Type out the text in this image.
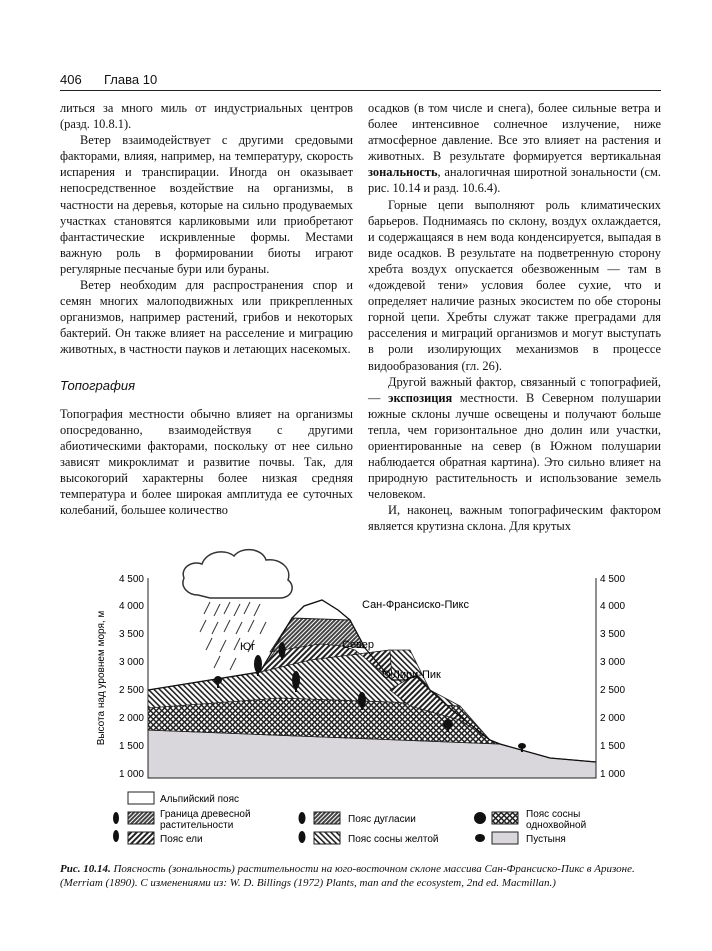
406 Глава 10

литься за много миль от индустриальных центров (разд. 10.8.1).

Ветер взаимодействует с другими средовыми факторами, влияя, например, на температуру, скорость испарения и транспирации. Иногда он оказывает непосредственное воздействие на организмы, в частности на деревья, которые на сильно продуваемых участках становятся карликовыми или приобретают фантастические искривленные формы. Местами важную роль в формировании биоты играют регулярные песчаные бури или бураны.

Ветер необходим для распространения спор и семян многих малоподвижных или прикрепленных организмов, например растений, грибов и некоторых бактерий. Он также влияет на расселение и миграцию животных, в частности пауков и летающих насекомых.

Топография

Топография местности обычно влияет на организмы опосредованно, взаимодействуя с другими абиотическими факторами, поскольку от нее сильно зависят микроклимат и развитие почвы. Так, для высокогорий характерны более низкая средняя температура и более широкая амплитуда ее суточных колебаний, большее количество

осадков (в том числе и снега), более сильные ветра и более интенсивное солнечное излучение, ниже атмосферное давление. Все это влияет на растения и животных. В результате формируется вертикальная зональность, аналогичная широтной зональности (см. рис. 10.14 и разд. 10.6.4).

Горные цепи выполняют роль климатических барьеров. Поднимаясь по склону, воздух охлаждается, и содержащаяся в нем вода конденсируется, выпадая в виде осадков. В результате на подветренную сторону хребта воздух опускается обезвоженным — там в «дождевой тени» условия более сухие, что и определяет наличие разных экосистем по обе стороны горной цепи. Хребты служат также преградами для расселения и миграций организмов и могут выступать в роли изолирующих механизмов в процессе видообразования (гл. 26).

Другой важный фактор, связанный с топографией, — экспозиция местности. В Северном полушарии южные склоны лучше освещены и получают больше тепла, чем горизонтальное дно долин или участки, ориентированные на север (в Южном полушарии наблюдается обратная картина). Это сильно влияет на природную растительность и использование земель человеком.

И, наконец, важным топографическим фактором является крутизна склона. Для крутых

Высота над уровнем моря, м
4 500
4 000
3 500
3 000
2 500
2 000
1 500
1 000
4 500
4 000
3 500
3 000
2 500
2 000
1 500
1 000
Сан-Франсиско-Пикс
О'Лири-Пик
Юг	Север
Альпийский пояс
Граница древесной растительности
Пояс ели
Пояс дугласии
Пояс сосны желтой
Пояс сосны однохвойной
Пустыня
Рис. 10.14. Поясность (зональность) растительности на юго-восточном склоне массива Сан-Франсиско-Пикс в Аризоне. (Merriam (1890). С изменениями из: W. D. Billings (1972) Plants, man and the ecosystem, 2nd ed. Macmillan.)
